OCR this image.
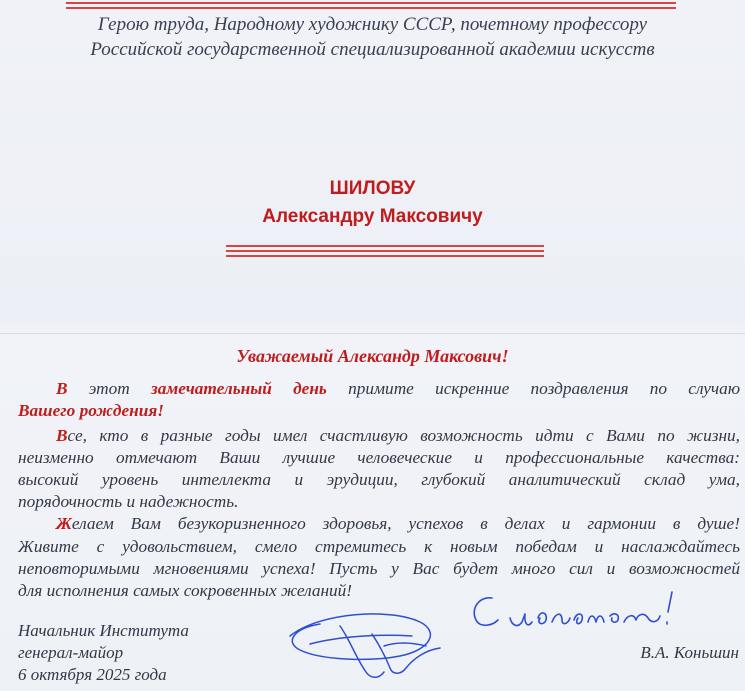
Герою труда, Народному художнику СССР, почетному профессору
Российской государственной специализированной академии искусств
ШИЛОВУ
Александру Максовичу
Уважаемый Александр Максович!
В этот замечательный день примите искренние поздравления по случаю
Вашего рождения!
Все, кто в разные годы имел счастливую возможность идти с Вами по жизни,
неизменно отмечают Ваши лучшие человеческие и профессиональные качества:
высокий уровень интеллекта и эрудиции, глубокий аналитический склад ума,
порядочность и надежность.
Желаем Вам безукоризненного здоровья, успехов в делах и гармонии в душе!
Живите с удовольствием, смело стремитесь к новым победам и наслаждайтесь
неповторимыми мгновениями успеха! Пусть у Вас будет много сил и возможностей
для исполнения самых сокровенных желаний!
Начальник Института
генерал-майор
6 октября 2025 года
В.А. Коньшин
